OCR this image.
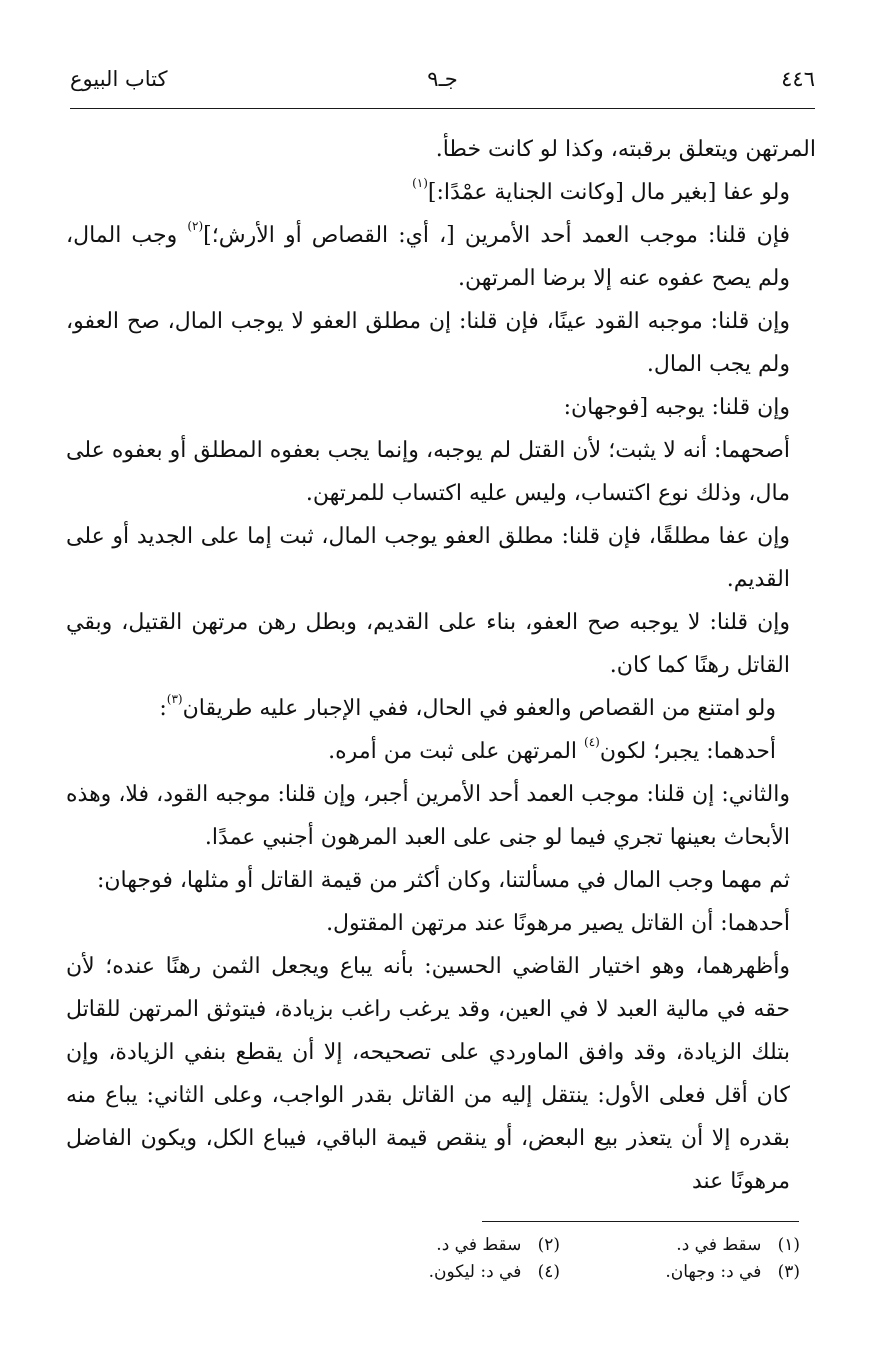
كتاب البيوع	جـ٩	٤٤٦

المرتهن ويتعلق برقبته، وكذا لو كانت خطأ.

ولو عفا [بغير مال [وكانت الجناية عمْدًا:]$^{(١)}$

فإن قلنا: موجب العمد أحد الأمرين [، أي: القصاص أو الأرش؛]$^{(٢)}$ وجب المال، ولم يصح عفوه عنه إلا برضا المرتهن.

وإن قلنا: موجبه القود عينًا، فإن قلنا: إن مطلق العفو لا يوجب المال، صح العفو، ولم يجب المال.

وإن قلنا: يوجبه [فوجهان:

أصحهما: أنه لا يثبت؛ لأن القتل لم يوجبه، وإنما يجب بعفوه المطلق أو بعفوه على مال، وذلك نوع اكتساب، وليس عليه اكتساب للمرتهن.

وإن عفا مطلقًا، فإن قلنا: مطلق العفو يوجب المال، ثبت إما على الجديد أو على القديم.

وإن قلنا: لا يوجبه صح العفو، بناء على القديم، وبطل رهن مرتهن القتيل، وبقي القاتل رهنًا كما كان.

ولو امتنع من القصاص والعفو في الحال، ففي الإجبار عليه طريقان$^{(٣)}$:

أحدهما: يجبر؛ لكون$^{(٤)}$ المرتهن على ثبت من أمره.

والثاني: إن قلنا: موجب العمد أحد الأمرين أجبر، وإن قلنا: موجبه القود، فلا، وهذه الأبحاث بعينها تجري فيما لو جنى على العبد المرهون أجنبي عمدًا.

ثم مهما وجب المال في مسألتنا، وكان أكثر من قيمة القاتل أو مثلها، فوجهان:

أحدهما: أن القاتل يصير مرهونًا عند مرتهن المقتول.

وأظهرهما، وهو اختيار القاضي الحسين: بأنه يباع ويجعل الثمن رهنًا عنده؛ لأن حقه في مالية العبد لا في العين، وقد يرغب راغب بزيادة، فيتوثق المرتهن للقاتل بتلك الزيادة، وقد وافق الماوردي على تصحيحه، إلا أن يقطع بنفي الزيادة، وإن كان أقل فعلى الأول: ينتقل إليه من القاتل بقدر الواجب، وعلى الثاني: يباع منه بقدره إلا أن يتعذر بيع البعض، أو ينقص قيمة الباقي، فيباع الكل، ويكون الفاضل مرهونًا عند

(١)   سقط في د.
(٢)   سقط في د.
(٣)   في د: وجهان.
(٤)   في د: ليكون.
